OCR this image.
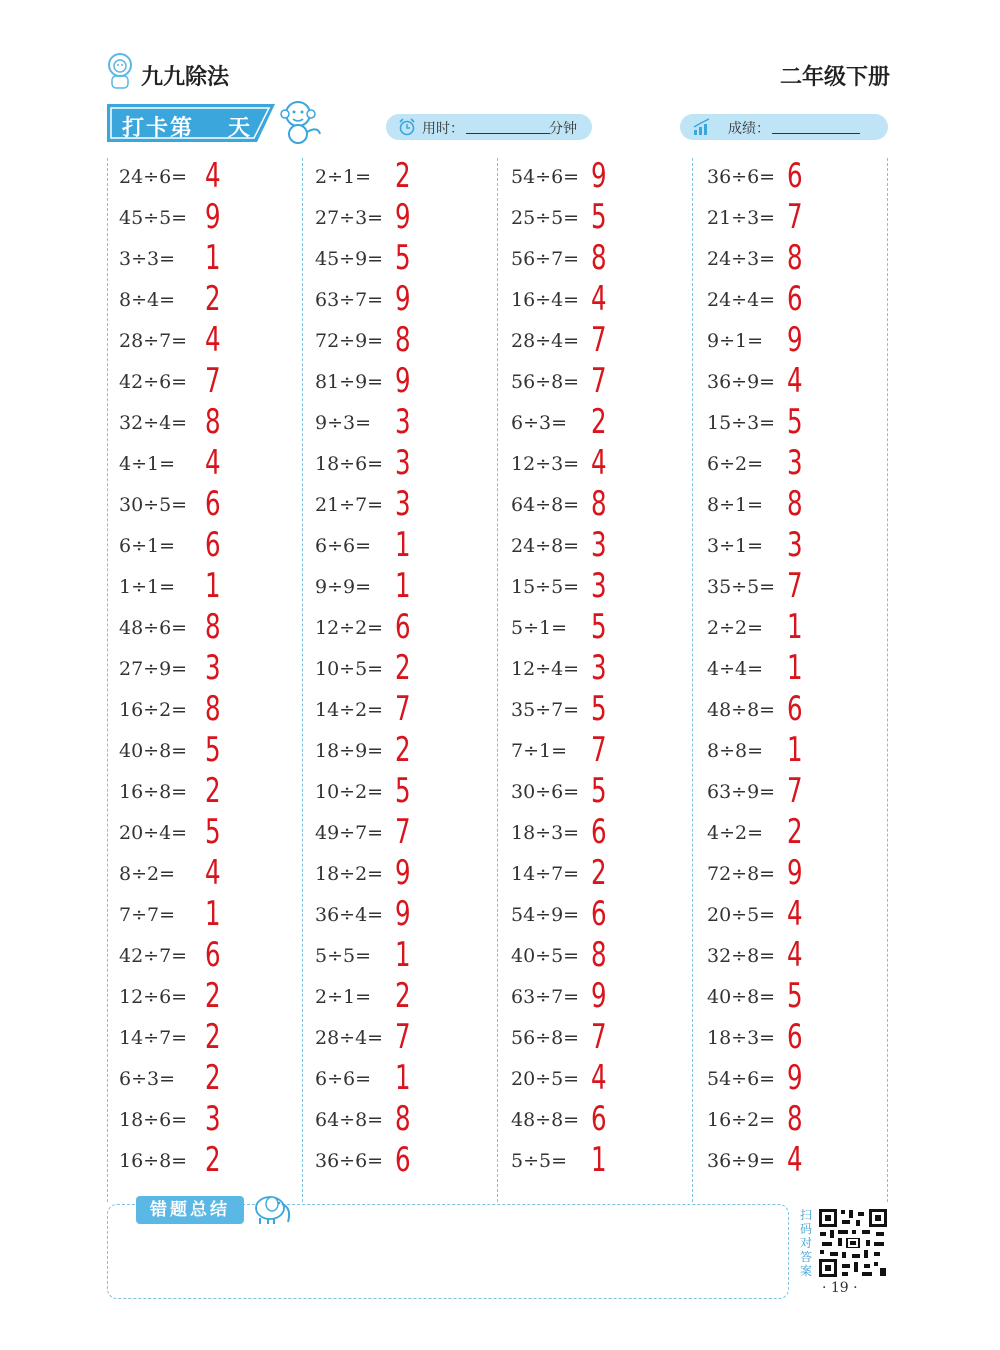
九九除法	二年级下册
打卡第 天	用时：	分钟	成绩：
24÷6= 4
45÷5= 9
3÷3= 1
8÷4= 2
28÷7= 4
42÷6= 7
32÷4= 8
4÷1= 4
30÷5= 6
6÷1= 6
1÷1= 1
48÷6= 8
27÷9= 3
16÷2= 8
40÷8= 5
16÷8= 2
20÷4= 5
8÷2= 4
7÷7= 1
42÷7= 6
12÷6= 2
14÷7= 2
6÷3= 2
18÷6= 3
16÷8= 2
2÷1= 2
27÷3= 9
45÷9= 5
63÷7= 9
72÷9= 8
81÷9= 9
9÷3= 3
18÷6= 3
21÷7= 3
6÷6= 1
9÷9= 1
12÷2= 6
10÷5= 2
14÷2= 7
18÷9= 2
10÷2= 5
49÷7= 7
18÷2= 9
36÷4= 9
5÷5= 1
2÷1= 2
28÷4= 7
6÷6= 1
64÷8= 8
36÷6= 6
54÷6= 9
25÷5= 5
56÷7= 8
16÷4= 4
28÷4= 7
56÷8= 7
6÷3= 2
12÷3= 4
64÷8= 8
24÷8= 3
15÷5= 3
5÷1= 5
12÷4= 3
35÷7= 5
7÷1= 7
30÷6= 5
18÷3= 6
14÷7= 2
54÷9= 6
40÷5= 8
63÷7= 9
56÷8= 7
20÷5= 4
48÷8= 6
5÷5= 1
36÷6= 6
21÷3= 7
24÷3= 8
24÷4= 6
9÷1= 9
36÷9= 4
15÷3= 5
6÷2= 3
8÷1= 8
3÷1= 3
35÷5= 7
2÷2= 1
4÷4= 1
48÷8= 6
8÷8= 1
63÷9= 7
4÷2= 2
72÷8= 9
20÷5= 4
32÷8= 4
40÷8= 5
18÷3= 6
54÷6= 9
16÷2= 8
36÷9= 4
错题总结	扫码对答案
· 19 ·
